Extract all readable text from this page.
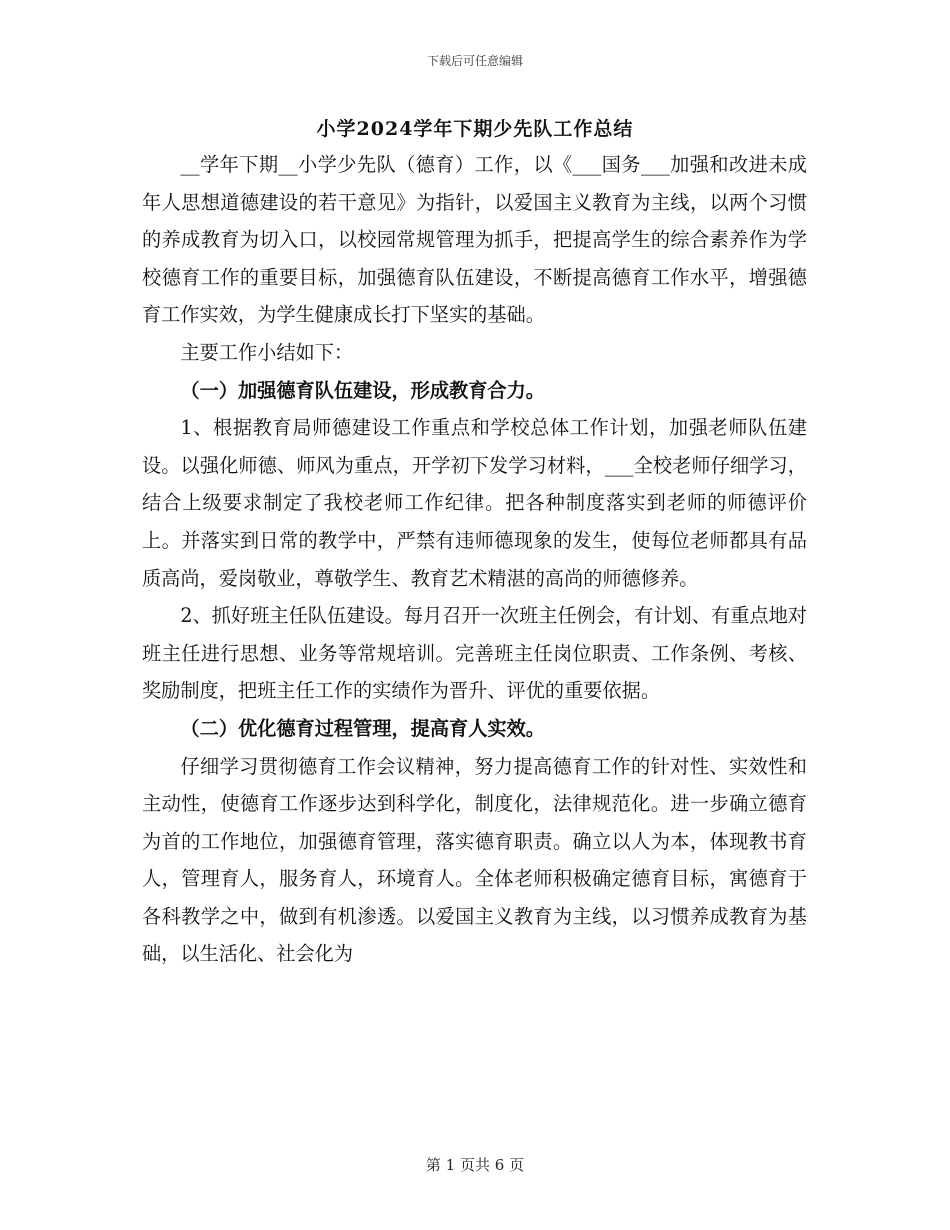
下载后可任意编辑
小学2024学年下期少先队工作总结

__学年下期__小学少先队（德育）工作，以《___国务___加强和改进未成年人思想道德建设的若干意见》为指针，以爱国主义教育为主线，以两个习惯的养成教育为切入口，以校园常规管理为抓手，把提高学生的综合素养作为学校德育工作的重要目标，加强德育队伍建设，不断提高德育工作水平，增强德育工作实效，为学生健康成长打下坚实的基础。

主要工作小结如下：

（一）加强德育队伍建设，形成教育合力。

1、根据教育局师德建设工作重点和学校总体工作计划，加强老师队伍建设。以强化师德、师风为重点，开学初下发学习材料，___全校老师仔细学习，结合上级要求制定了我校老师工作纪律。把各种制度落实到老师的师德评价上。并落实到日常的教学中，严禁有违师德现象的发生，使每位老师都具有品质高尚，爱岗敬业，尊敬学生、教育艺术精湛的高尚的师德修养。

2、抓好班主任队伍建设。每月召开一次班主任例会，有计划、有重点地对班主任进行思想、业务等常规培训。完善班主任岗位职责、工作条例、考核、奖励制度，把班主任工作的实绩作为晋升、评优的重要依据。

（二）优化德育过程管理，提高育人实效。

仔细学习贯彻德育工作会议精神，努力提高德育工作的针对性、实效性和主动性，使德育工作逐步达到科学化，制度化，法律规范化。进一步确立德育为首的工作地位，加强德育管理，落实德育职责。确立以人为本，体现教书育人，管理育人，服务育人，环境育人。全体老师积极确定德育目标，寓德育于各科教学之中，做到有机渗透。以爱国主义教育为主线，以习惯养成教育为基础，以生活化、社会化为

第 1 页共 6 页
